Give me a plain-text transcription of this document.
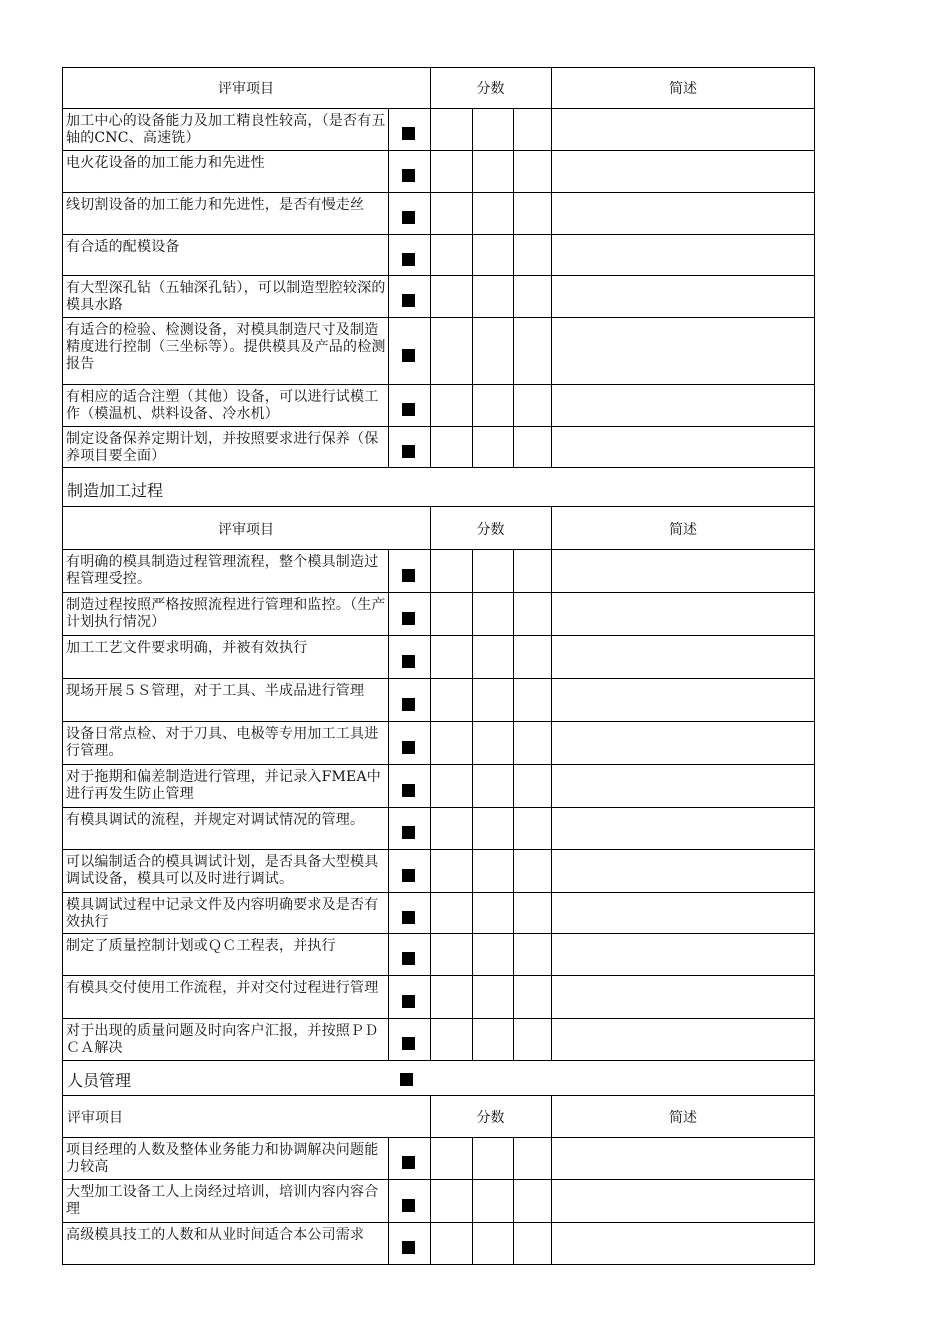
评审项目	分数	简述
加工中心的设备能力及加工精良性较高，（是否有五轴的CNC、高速铣）
电火花设备的加工能力和先进性
线切割设备的加工能力和先进性，是否有慢走丝
有合适的配模设备
有大型深孔钻（五轴深孔钻），可以制造型腔较深的模具水路
有适合的检验、检测设备，对模具制造尺寸及制造精度进行控制（三坐标等）。提供模具及产品的检测报告
有相应的适合注塑（其他）设备，可以进行试模工作（模温机、烘料设备、冷水机）
制定设备保养定期计划，并按照要求进行保养（保养项目要全面）
制造加工过程
评审项目	分数	简述
有明确的模具制造过程管理流程，整个模具制造过程管理受控。
制造过程按照严格按照流程进行管理和监控。（生产计划执行情况）
加工工艺文件要求明确，并被有效执行
现场开展５Ｓ管理，对于工具、半成品进行管理
设备日常点检、对于刀具、电极等专用加工工具进行管理。
对于拖期和偏差制造进行管理，并记录入FMEA中进行再发生防止管理
有模具调试的流程，并规定对调试情况的管理。
可以编制适合的模具调试计划，是否具备大型模具调试设备，模具可以及时进行调试。
模具调试过程中记录文件及内容明确要求及是否有效执行
制定了质量控制计划或ＱＣ工程表，并执行
有模具交付使用工作流程，并对交付过程进行管理
对于出现的质量问题及时向客户汇报，并按照ＰＤＣＡ解决
人员管理
评审项目	分数	简述
项目经理的人数及整体业务能力和协调解决问题能力较高
大型加工设备工人上岗经过培训，培训内容内容合理
高级模具技工的人数和从业时间适合本公司需求
